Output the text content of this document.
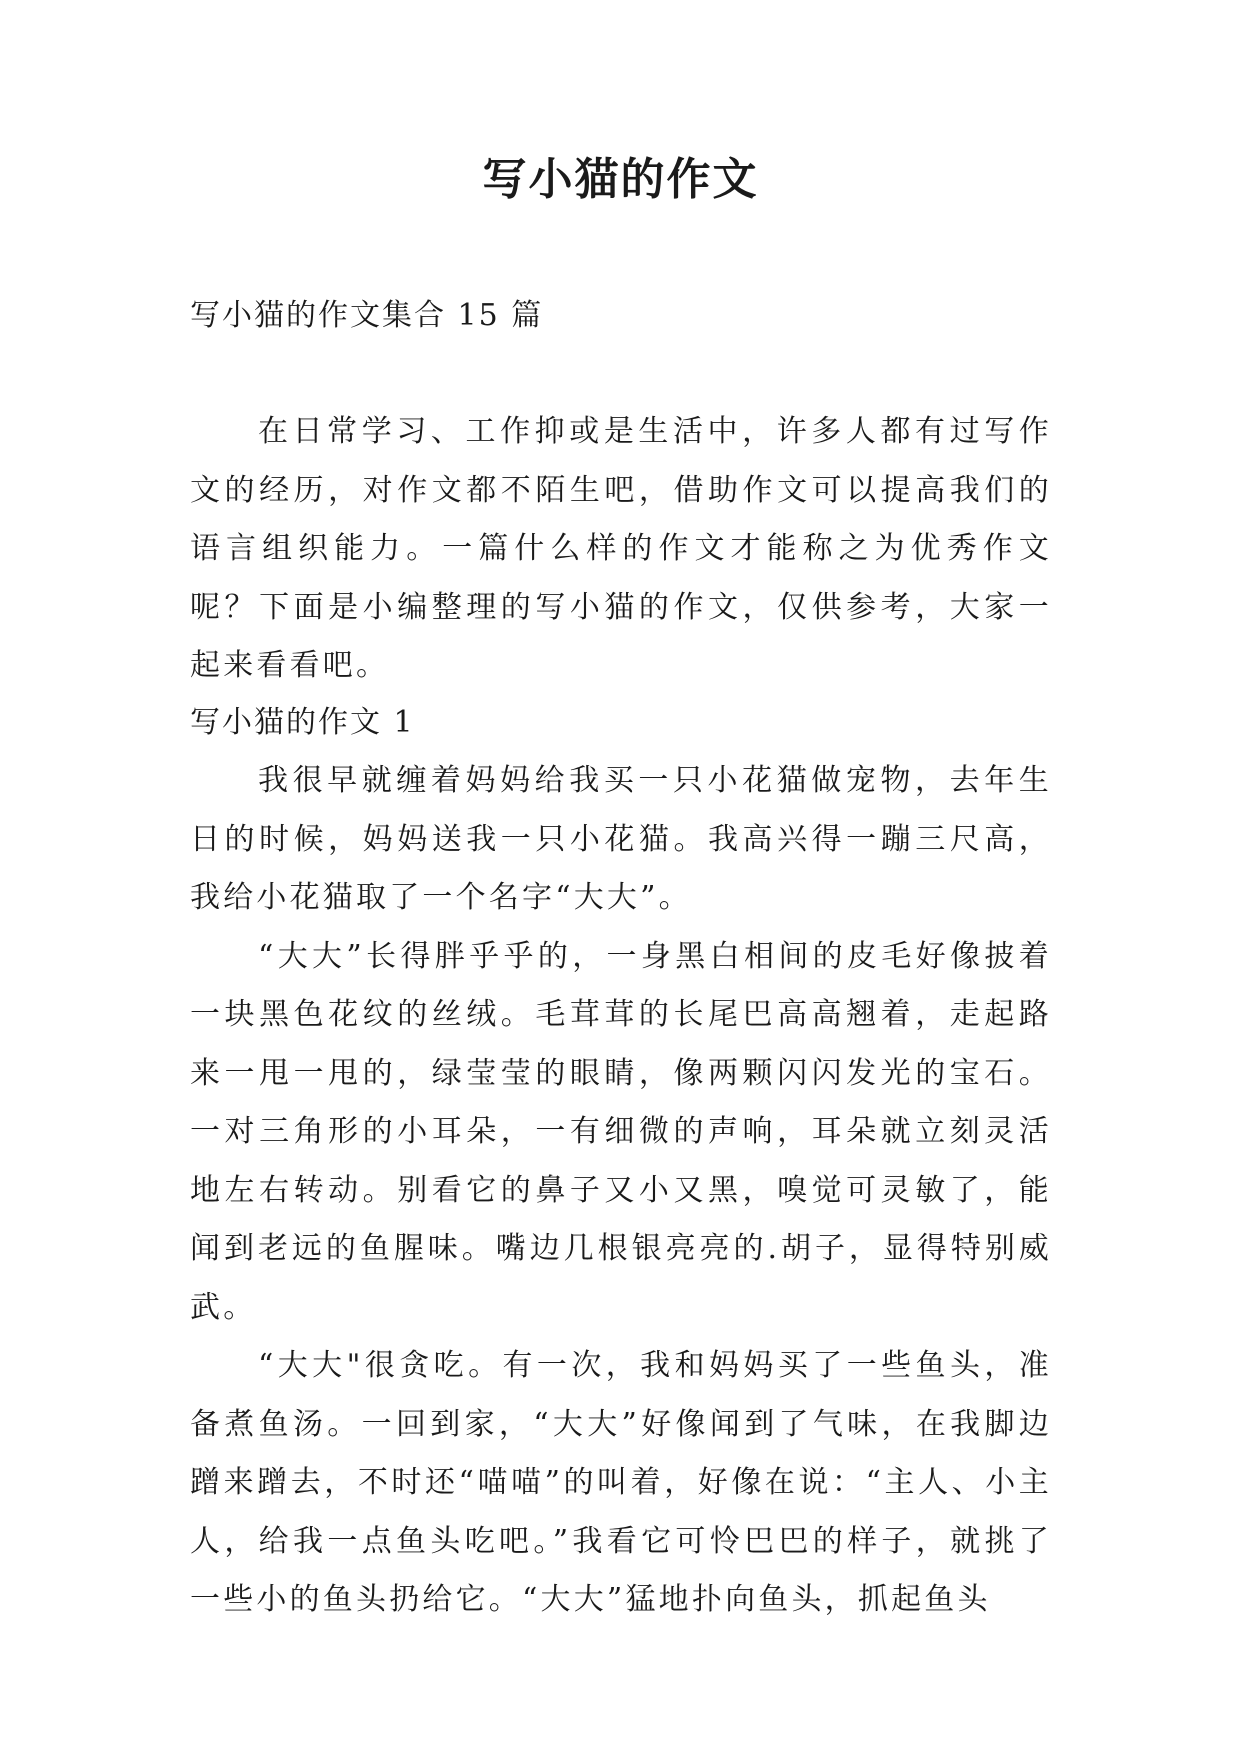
写小猫的作文

写小猫的作文集合 15 篇

在日常学习、工作抑或是生活中，许多人都有过写作文的经历，对作文都不陌生吧，借助作文可以提高我们的语言组织能力。一篇什么样的作文才能称之为优秀作文呢？下面是小编整理的写小猫的作文，仅供参考，大家一起来看看吧。

写小猫的作文 1

我很早就缠着妈妈给我买一只小花猫做宠物，去年生日的时候，妈妈送我一只小花猫。我高兴得一蹦三尺高，我给小花猫取了一个名字“大大”。

“大大”长得胖乎乎的，一身黑白相间的皮毛好像披着一块黑色花纹的丝绒。毛茸茸的长尾巴高高翘着，走起路来一甩一甩的，绿莹莹的眼睛，像两颗闪闪发光的宝石。一对三角形的小耳朵，一有细微的声响，耳朵就立刻灵活地左右转动。别看它的鼻子又小又黑，嗅觉可灵敏了，能闻到老远的鱼腥味。嘴边几根银亮亮的.胡子，显得特别威武。

“大大"很贪吃。有一次，我和妈妈买了一些鱼头，准备煮鱼汤。一回到家，“大大”好像闻到了气味，在我脚边蹭来蹭去，不时还“喵喵”的叫着，好像在说：“主人、小主人，给我一点鱼头吃吧。”我看它可怜巴巴的样子，就挑了一些小的鱼头扔给它。“大大”猛地扑向鱼头，抓起鱼头
